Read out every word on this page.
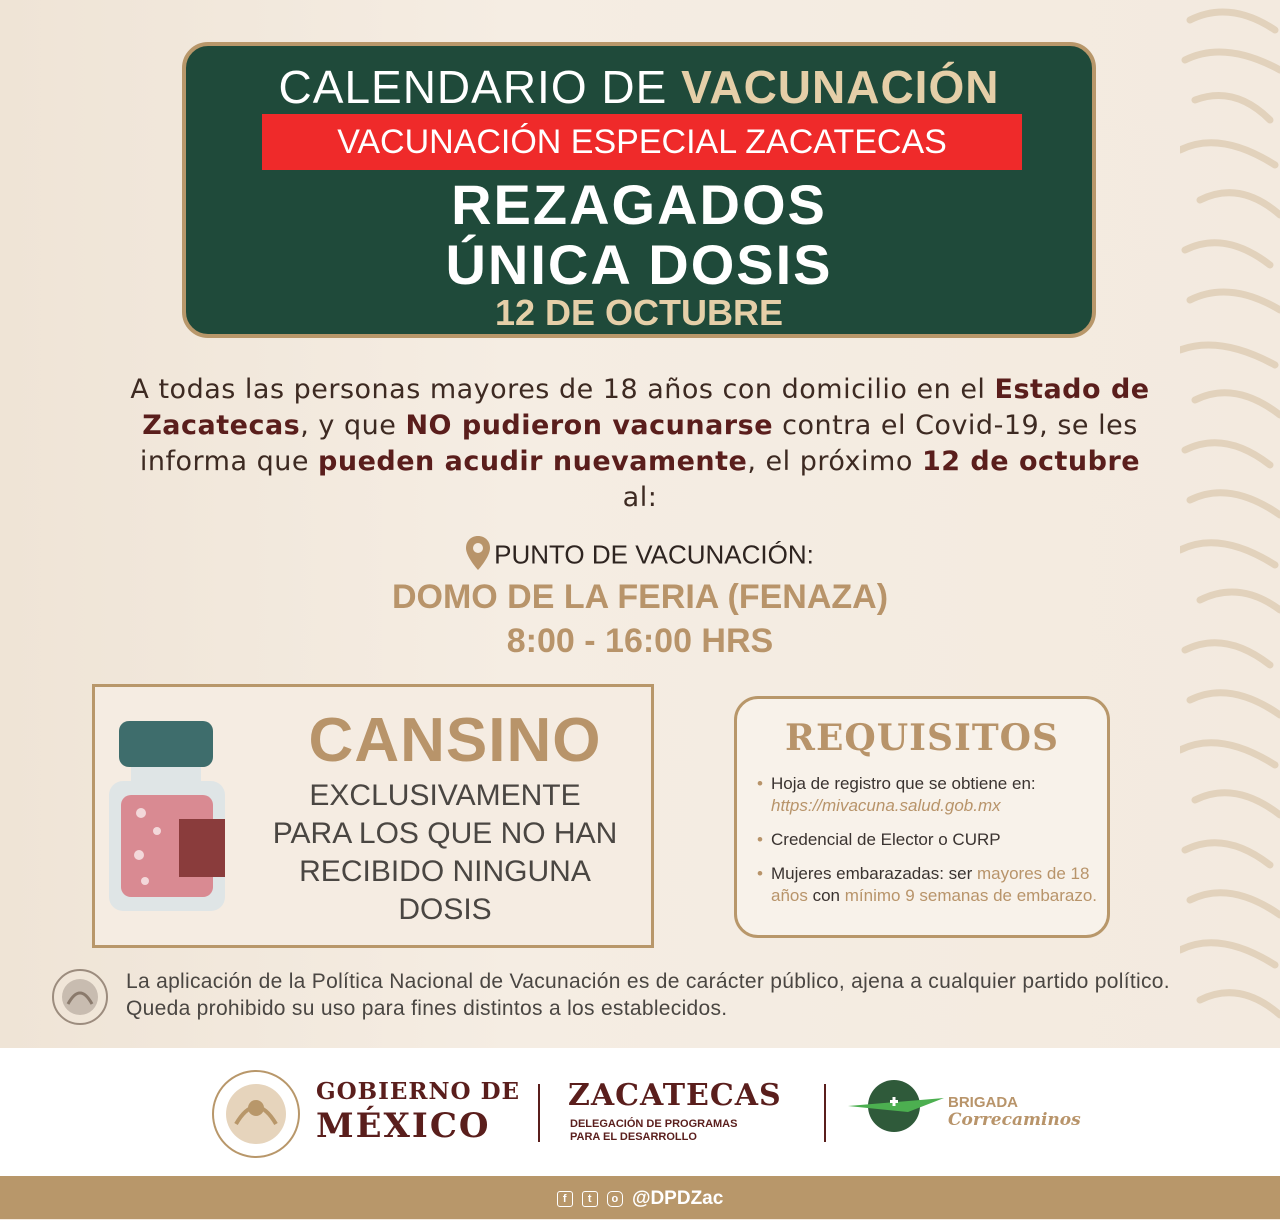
CALENDARIO DE VACUNACIÓN
VACUNACIÓN ESPECIAL ZACATECAS
REZAGADOS
ÚNICA DOSIS
12 DE OCTUBRE
A todas las personas mayores de 18 años con domicilio en el Estado de Zacatecas, y que NO pudieron vacunarse contra el Covid-19, se les informa que pueden acudir nuevamente, el próximo 12 de octubre al:
PUNTO DE VACUNACIÓN:
DOMO DE LA FERIA (FENAZA)
8:00 - 16:00 HRS
CANSINO
EXCLUSIVAMENTE
PARA LOS QUE NO HAN
RECIBIDO NINGUNA
DOSIS
REQUISITOS
• Hoja de registro que se obtiene en: https://mivacuna.salud.gob.mx
• Credencial de Elector o CURP
• Mujeres embarazadas: ser mayores de 18 años con mínimo 9 semanas de embarazo.
La aplicación de la Política Nacional de Vacunación es de carácter público, ajena a cualquier partido político. Queda prohibido su uso para fines distintos a los establecidos.
GOBIERNO DE
MÉXICO
ZACATECAS
DELEGACIÓN DE PROGRAMAS
PARA EL DESARROLLO
BRIGADA
Correcaminos
f t o @DPDZac
